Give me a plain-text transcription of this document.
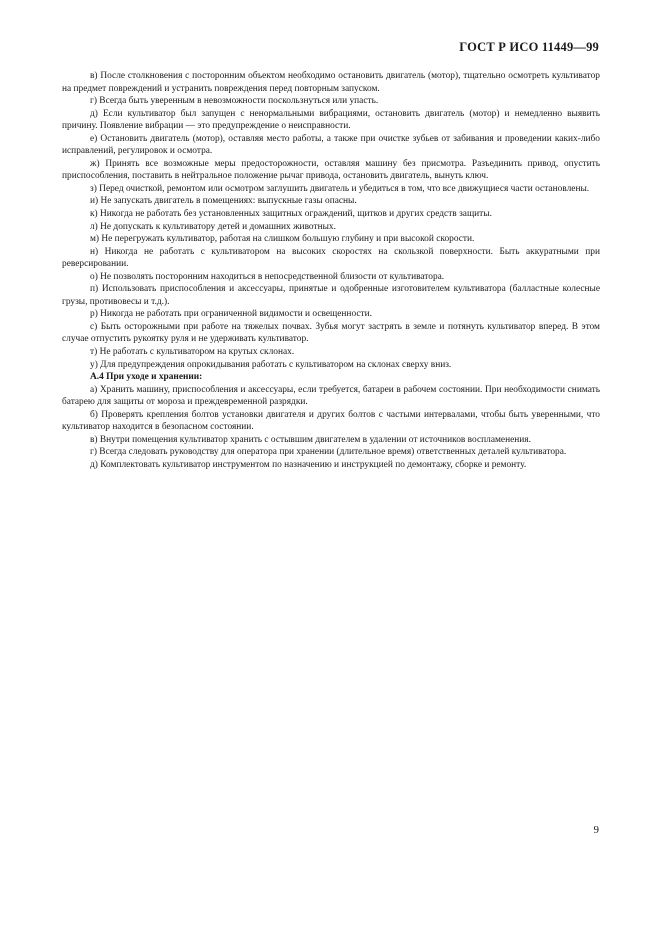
ГОСТ Р ИСО 11449—99

в) После столкновения с посторонним объектом необходимо остановить двигатель (мотор), тщательно осмотреть культиватор на предмет повреждений и устранить повреждения перед повторным запуском.

г) Всегда быть уверенным в невозможности поскользнуться или упасть.

д) Если культиватор был запущен с ненормальными вибрациями, остановить двигатель (мотор) и немедленно выявить причину. Появление вибрации — это предупреждение о неисправности.

е) Остановить двигатель (мотор), оставляя место работы, а также при очистке зубьев от забивания и проведении каких-либо исправлений, регулировок и осмотра.

ж) Принять все возможные меры предосторожности, оставляя машину без присмотра. Разъединить привод, опустить приспособления, поставить в нейтральное положение рычаг привода, остановить двигатель, вынуть ключ.

з) Перед очисткой, ремонтом или осмотром заглушить двигатель и убедиться в том, что все движущиеся части остановлены.

и) Не запускать двигатель в помещениях: выпускные газы опасны.

к) Никогда не работать без установленных защитных ограждений, щитков и других средств защиты.

л) Не допускать к культиватору детей и домашних животных.

м) Не перегружать культиватор, работая на слишком большую глубину и при высокой скорости.

н) Никогда не работать с культиватором на высоких скоростях на скользкой поверхности. Быть аккуратными при реверсировании.

о) Не позволять посторонним находиться в непосредственной близости от культиватора.

п) Использовать приспособления и аксессуары, принятые и одобренные изготовителем культиватора (балластные колесные грузы, противовесы и т.д.).

р) Никогда не работать при ограниченной видимости и освещенности.

с) Быть осторожными при работе на тяжелых почвах. Зубья могут застрять в земле и потянуть культиватор вперед. В этом случае отпустить рукоятку руля и не удерживать культиватор.

т) Не работать с культиватором на крутых склонах.

у) Для предупреждения опрокидывания работать с культиватором на склонах сверху вниз.

А.4 При уходе и хранении:

а) Хранить машину, приспособления и аксессуары, если требуется, батареи в рабочем состоянии. При необходимости снимать батарею для защиты от мороза и преждевременной разрядки.

б) Проверять крепления болтов установки двигателя и других болтов с частыми интервалами, чтобы быть уверенными, что культиватор находится в безопасном состоянии.

в) Внутри помещения культиватор хранить с остывшим двигателем в удалении от источников воспламенения.

г) Всегда следовать руководству для оператора при хранении (длительное время) ответственных деталей культиватора.

д) Комплектовать культиватор инструментом по назначению и инструкцией по демонтажу, сборке и ремонту.

9
